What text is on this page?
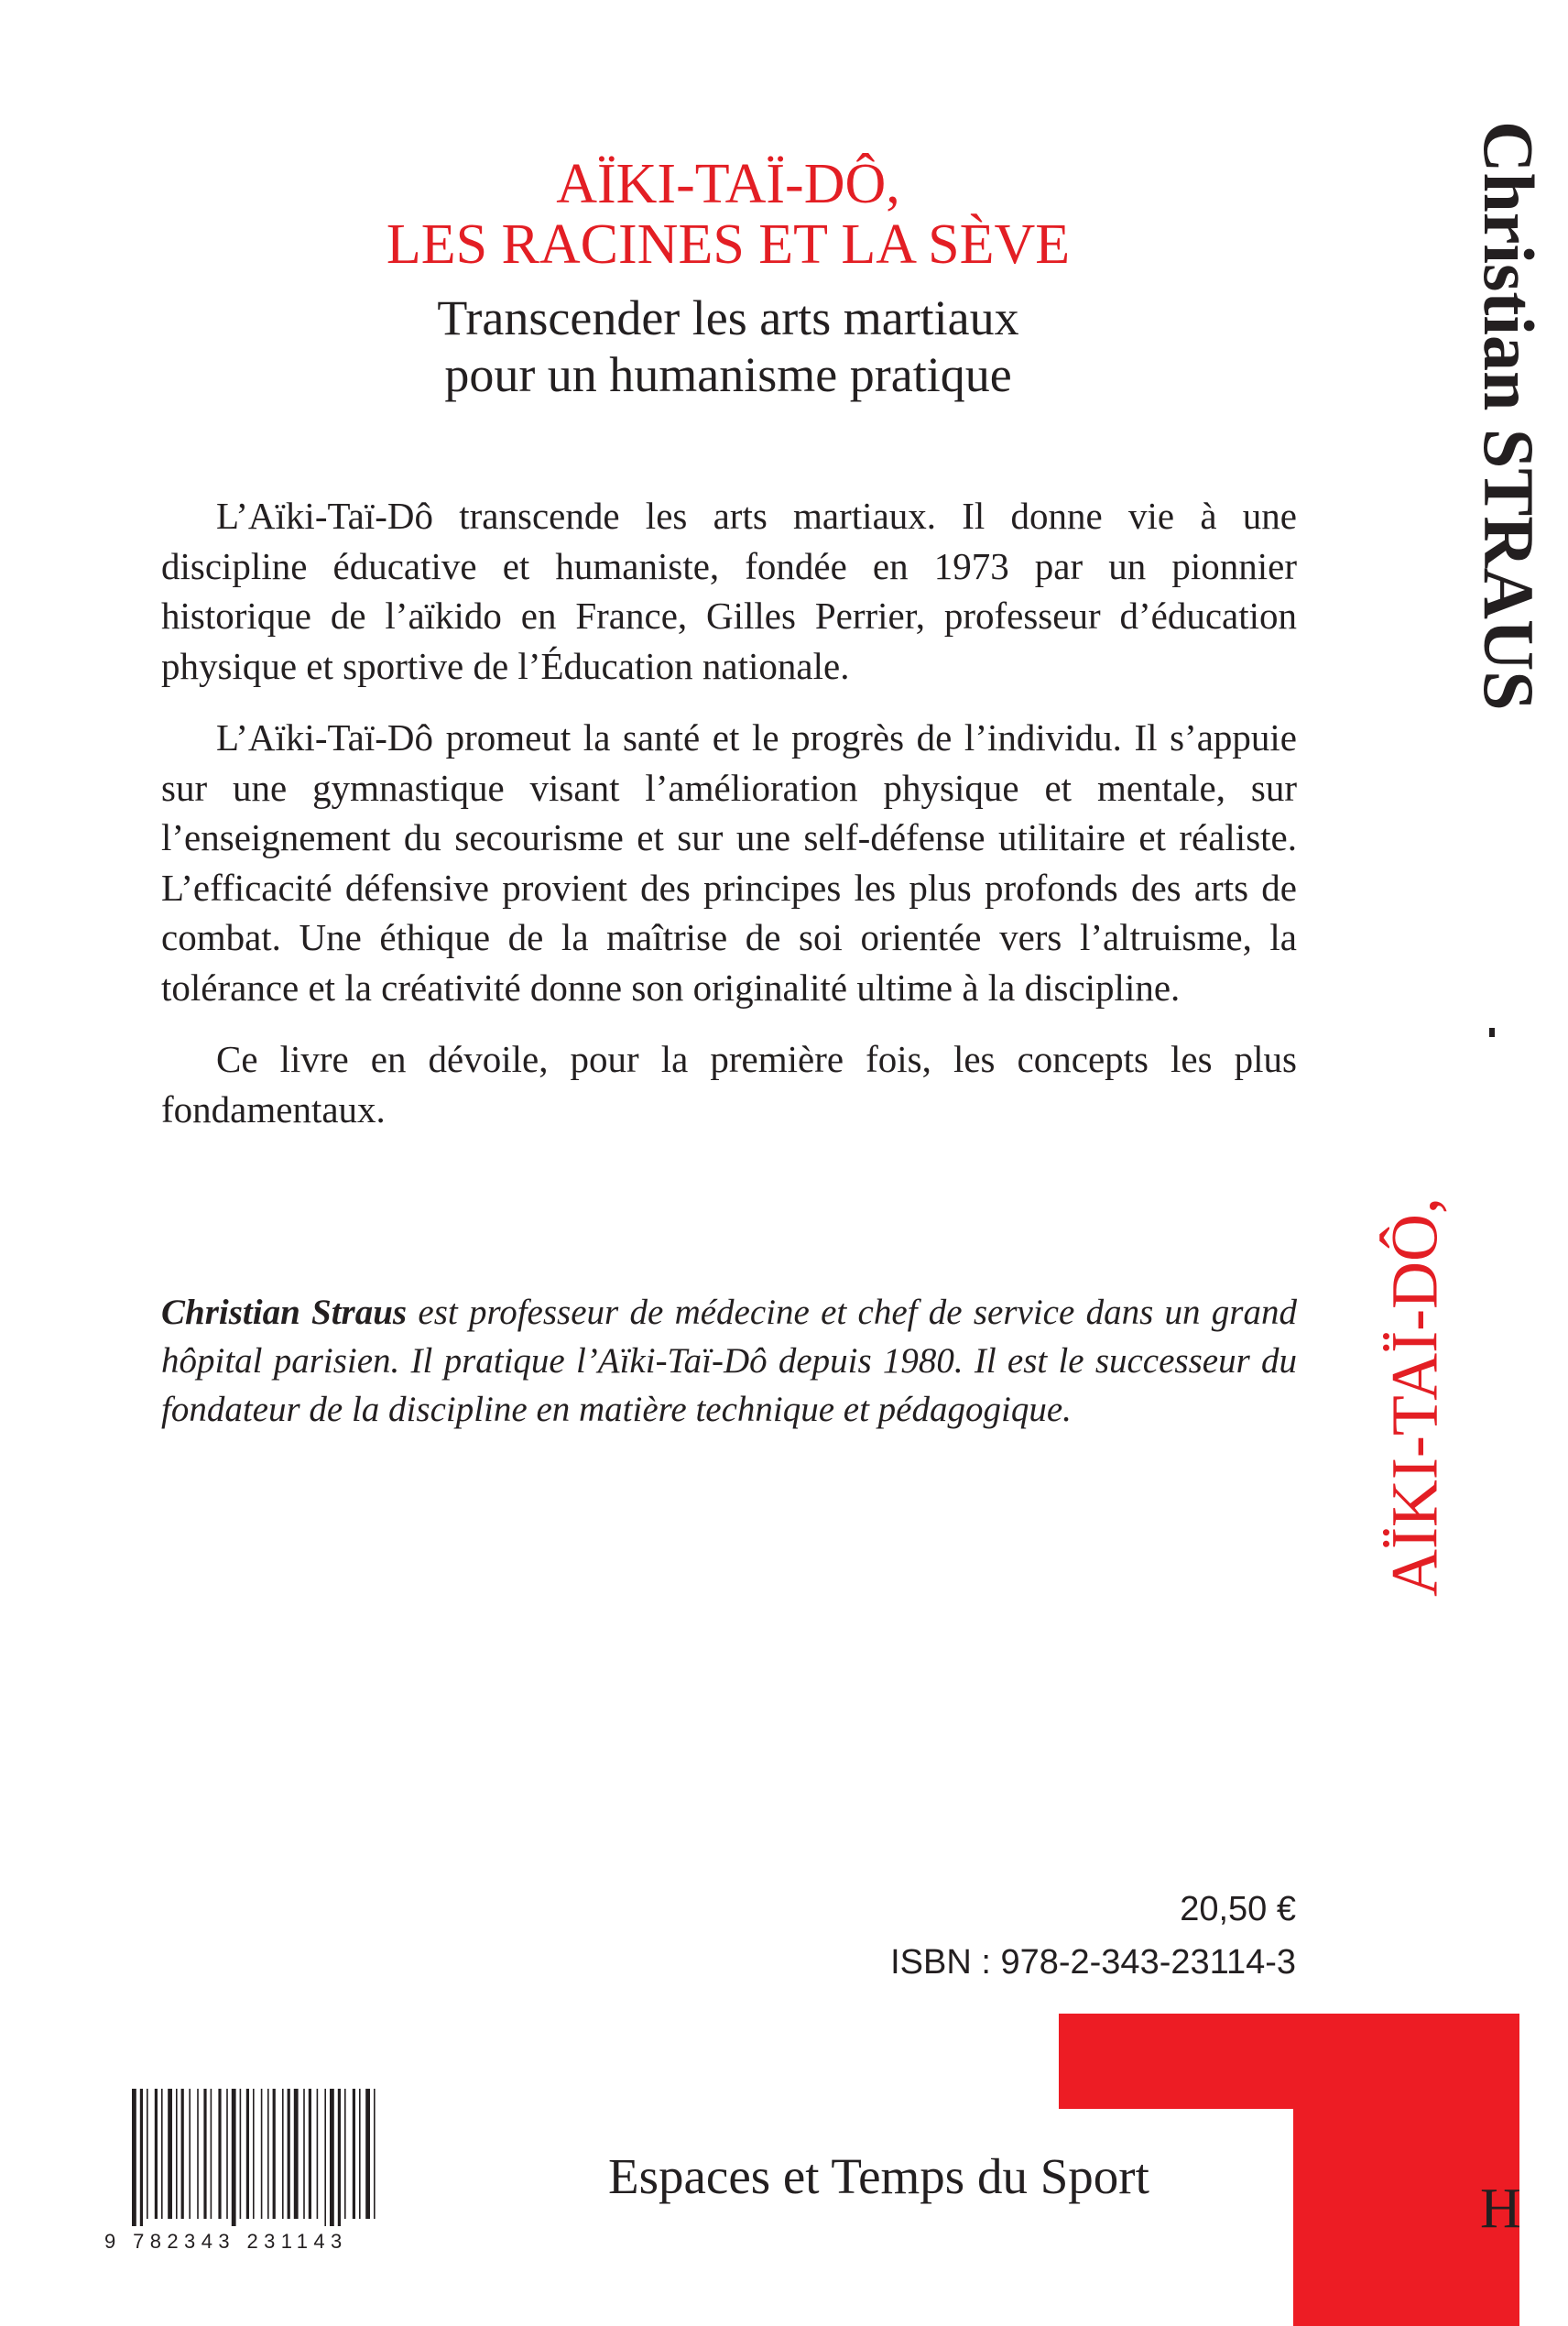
AÏKI-TAÏ-DÔ,
LES RACINES ET LA SÈVE
Transcender les arts martiaux
pour un humanisme pratique

L’Aïki-Taï-Dô transcende les arts martiaux. Il donne vie à une discipline éducative et humaniste, fondée en 1973 par un pionnier historique de l’aïkido en France, Gilles Perrier, professeur d’éducation physique et sportive de l’Éducation nationale.

L’Aïki-Taï-Dô promeut la santé et le progrès de l’individu. Il s’appuie sur une gymnastique visant l’amélioration physique et mentale, sur l’enseignement du secourisme et sur une self-défense utilitaire et réaliste. L’efficacité défensive provient des principes les plus profonds des arts de combat. Une éthique de la maîtrise de soi orientée vers l’altruisme, la tolérance et la créativité donne son originalité ultime à la discipline.

Ce livre en dévoile, pour la première fois, les concepts les plus fondamentaux.

Christian Straus est professeur de médecine et chef de service dans un grand hôpital parisien. Il pratique l’Aïki-Taï-Dô depuis 1980. Il est le successeur du fondateur de la discipline en matière technique et pédagogique.

20,50 €
ISBN : 978-2-343-23114-3
Espaces et Temps du Sport
AÏKI-TAÏ-DÔ,
Christian STRAUS
H
9 782343 231143
